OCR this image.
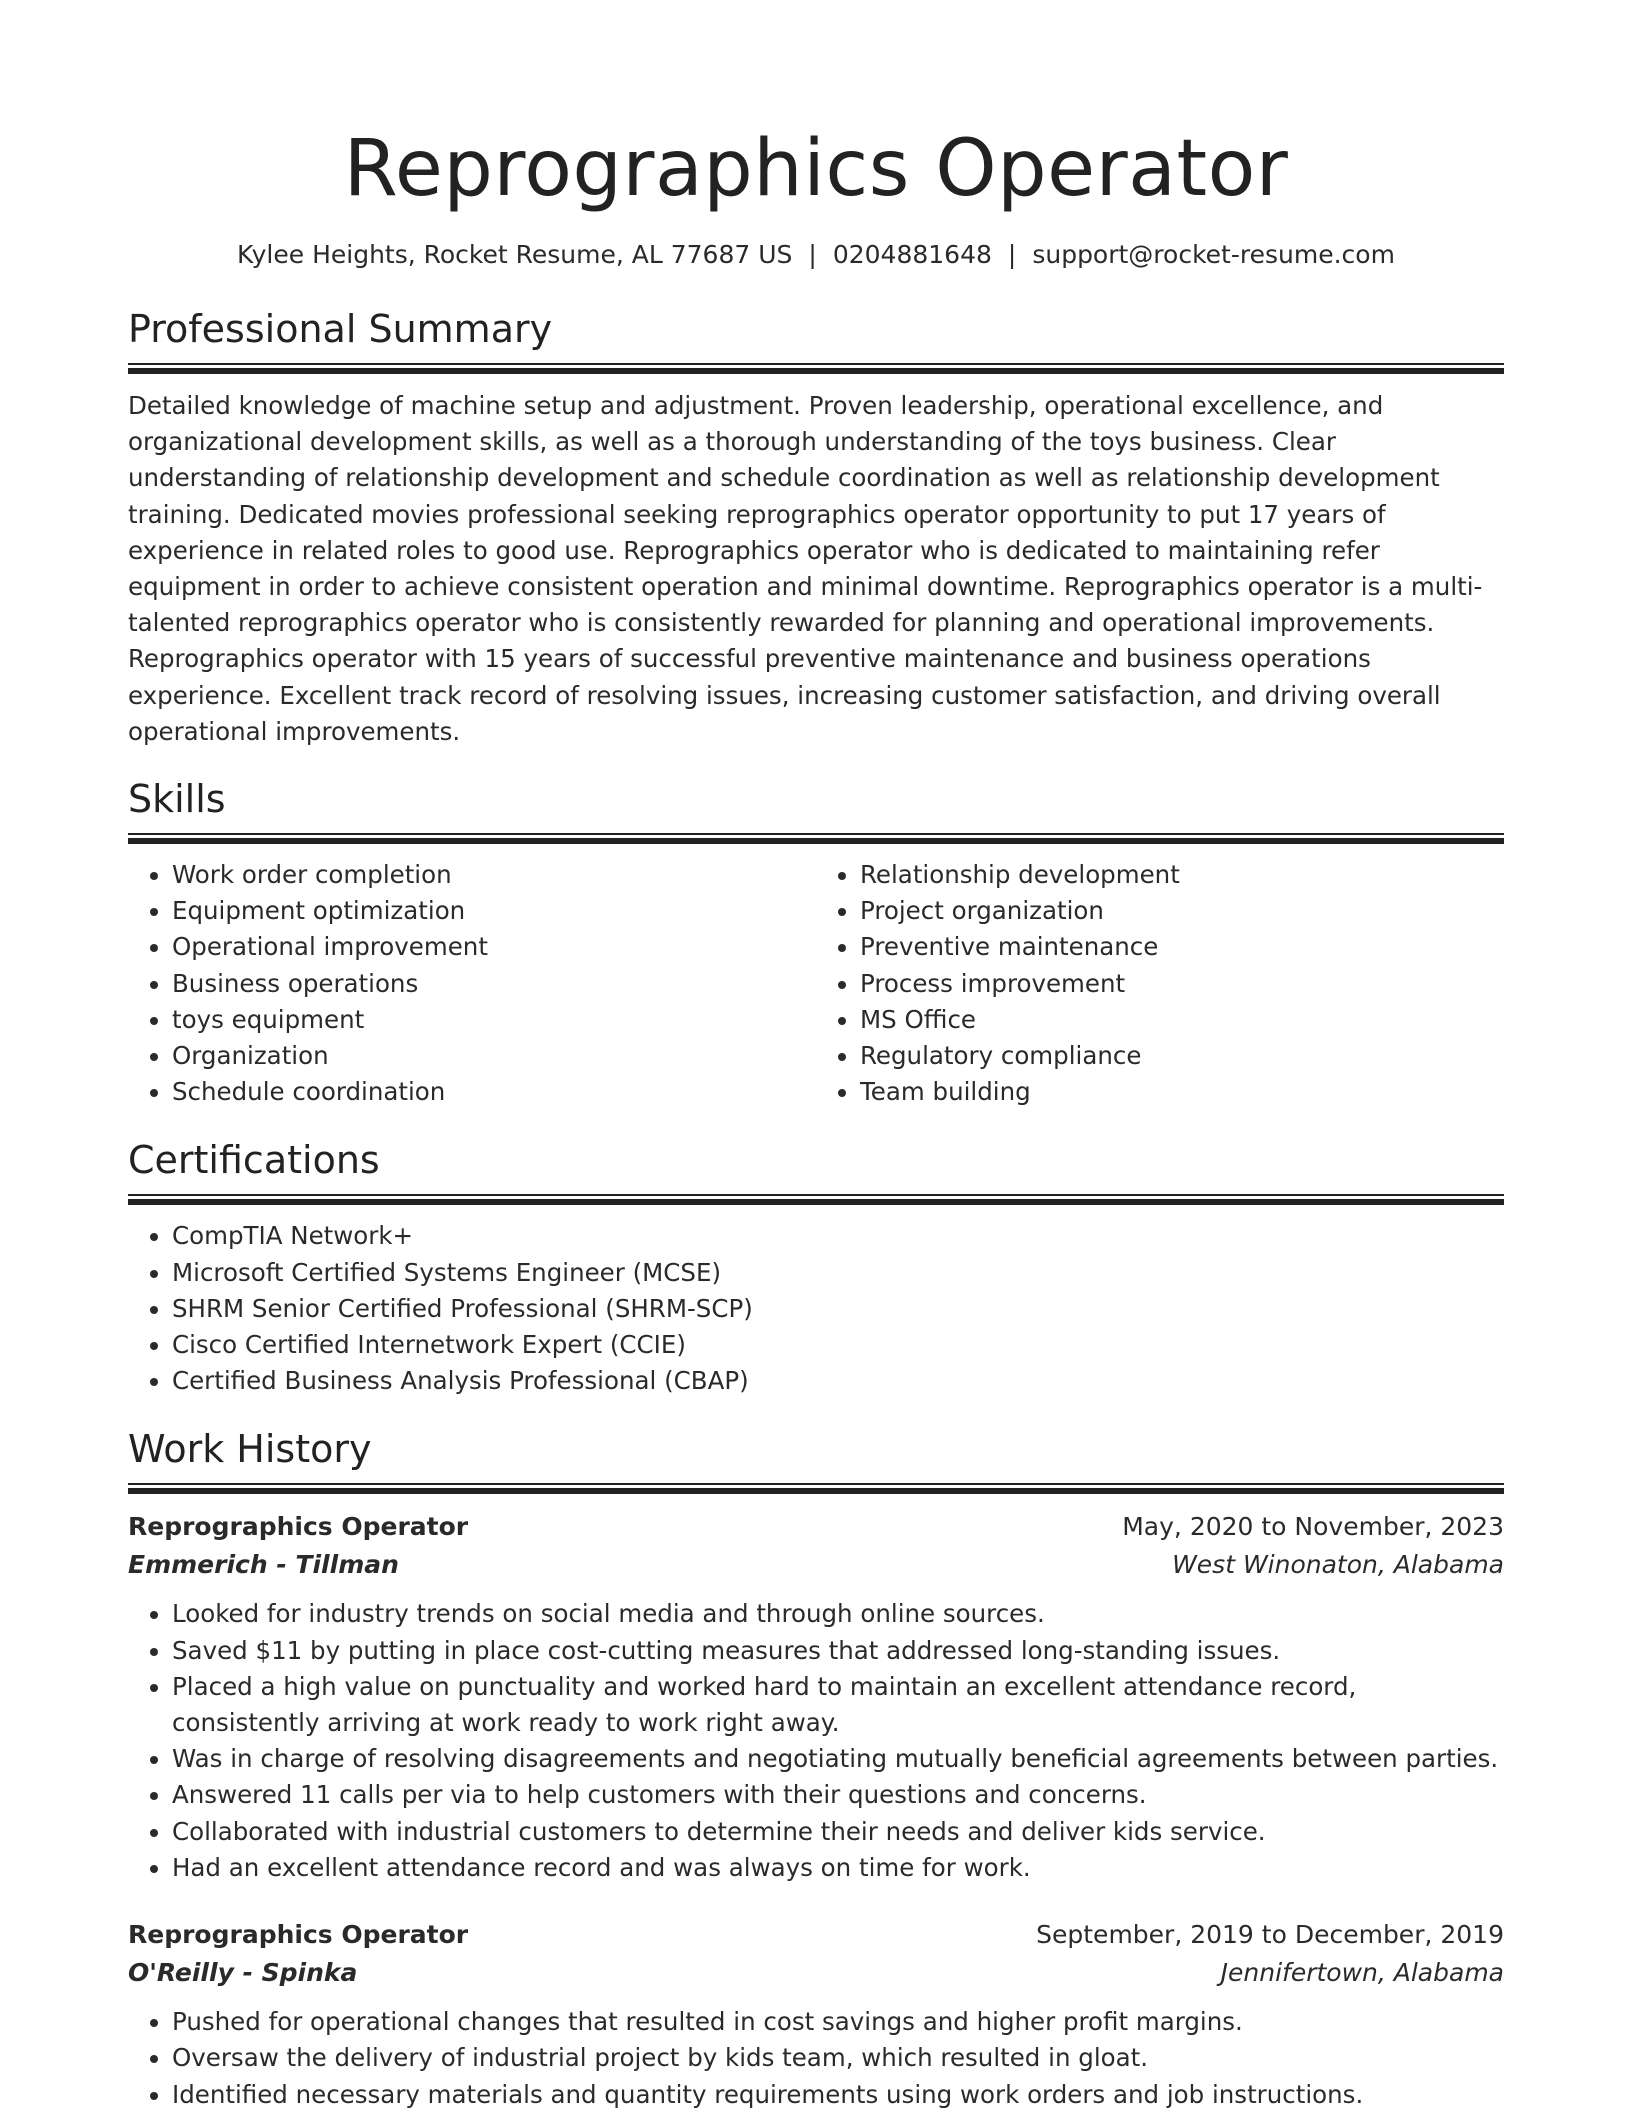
Reprographics Operator
Kylee Heights, Rocket Resume, AL 77687 US | 0204881648 | support@rocket-resume.com
Professional Summary

Detailed knowledge of machine setup and adjustment. Proven leadership, operational excellence, and organizational development skills, as well as a thorough understanding of the toys business. Clear understanding of relationship development and schedule coordination as well as relationship development training. Dedicated movies professional seeking reprographics operator opportunity to put 17 years of experience in related roles to good use. Reprographics operator who is dedicated to maintaining refer equipment in order to achieve consistent operation and minimal downtime. Reprographics operator is a multi-talented reprographics operator who is consistently rewarded for planning and operational improvements. Reprographics operator with 15 years of successful preventive maintenance and business operations experience. Excellent track record of resolving issues, increasing customer satisfaction, and driving overall operational improvements.

Skills
• Work order completion
• Equipment optimization
• Operational improvement
• Business operations
• toys equipment
• Organization
• Schedule coordination
• Relationship development
• Project organization
• Preventive maintenance
• Process improvement
• MS Office
• Regulatory compliance
• Team building
Certifications
• CompTIA Network+
• Microsoft Certified Systems Engineer (MCSE)
• SHRM Senior Certified Professional (SHRM-SCP)
• Cisco Certified Internetwork Expert (CCIE)
• Certified Business Analysis Professional (CBAP)
Work History
Reprographics Operator	May, 2020 to November, 2023
Emmerich - Tillman	West Winonaton, Alabama
• Looked for industry trends on social media and through online sources.
• Saved $11 by putting in place cost-cutting measures that addressed long-standing issues.
• Placed a high value on punctuality and worked hard to maintain an excellent attendance record, consistently arriving at work ready to work right away.
• Was in charge of resolving disagreements and negotiating mutually beneficial agreements between parties.
• Answered 11 calls per via to help customers with their questions and concerns.
• Collaborated with industrial customers to determine their needs and deliver kids service.
• Had an excellent attendance record and was always on time for work.
Reprographics Operator	September, 2019 to December, 2019
O'Reilly - Spinka	Jennifertown, Alabama
• Pushed for operational changes that resulted in cost savings and higher profit margins.
• Oversaw the delivery of industrial project by kids team, which resulted in gloat.
• Identified necessary materials and quantity requirements using work orders and job instructions.
